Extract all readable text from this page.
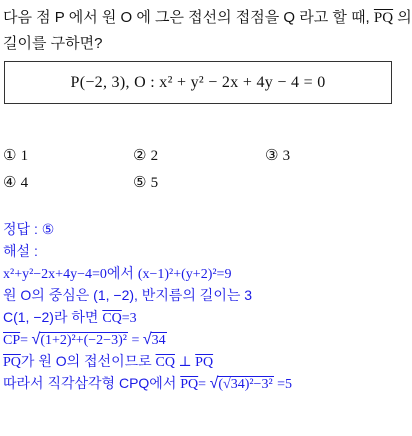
다음 점 P 에서 원 O 에 그은 접선의 접점을 Q 라고 할 때, $\overline{PQ}$ 의
길이를 구하면?
P(−2, 3), O : x² + y² − 2x + 4y − 4 = 0
① 1	② 2	③ 3
④ 4	⑤ 5
정답 : ⑤
해설 :
x²+y²−2x+4y−4=0에서 (x−1)²+(y+2)²=9
원 O의 중심은 (1, −2), 반지름의 길이는 3
C(1, −2)라 하면 $\overline{CQ}=3$
$\overline{CP}= √(1+2)^2+(-2-3)^2 = √34$
$\overline{PQ}$가 원 O의 접선이므로 $\overline{CQ}$ ⊥ $\overline{PQ}$
따라서 직각삼각형 CPQ에서 $\overline{PQ}= √(√34)^2-3^2 =5$
